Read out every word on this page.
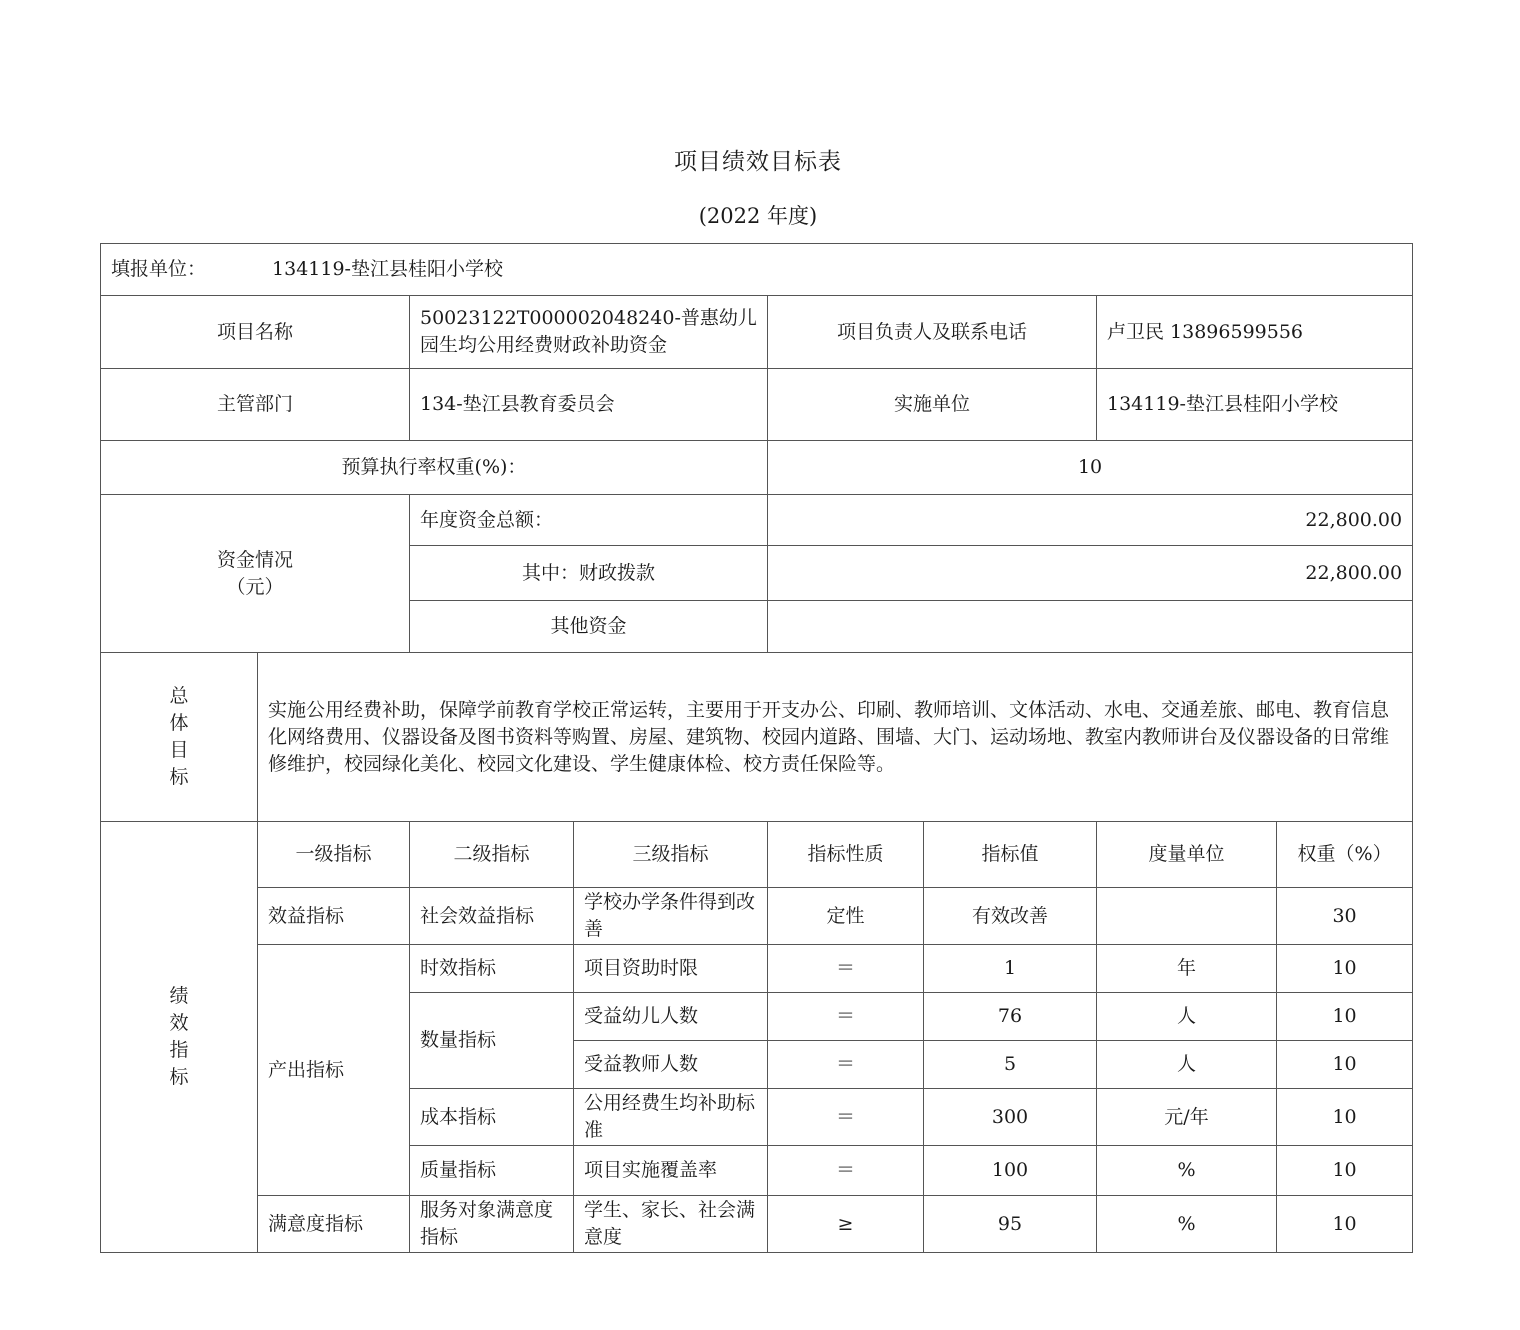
项目绩效目标表
(2022 年度)
填报单位： 134119-垫江县桂阳小学校							
项目名称		50023122T000002048240-普惠幼儿园生均公用经费财政补助资金		项目负责人及联系电话		卢卫民 13896599556	
主管部门		134-垫江县教育委员会		实施单位		134119-垫江县桂阳小学校	
预算执行率权重(%)：				10			

资金情况
（元）		年度资金总额：		22,800.00			
		其中：财政拨款		22,800.00			
		其他资金					

总
体
目
标	实施公用经费补助，保障学前教育学校正常运转，主要用于开支办公、印刷、教师培训、文体活动、水电、交通差旅、邮电、教育信息化网络费用、仪器设备及图书资料等购置、房屋、建筑物、校园内道路、围墙、大门、运动场地、教室内教师讲台及仪器设备的日常维修维护，校园绿化美化、校园文化建设、学生健康体检、校方责任保险等。						

绩
效
指
标	一级指标	二级指标	三级指标	指标性质	指标值	度量单位	权重（%）
	效益指标	社会效益指标	学校办学条件得到改善	定性	有效改善		30
	产出指标	时效指标	项目资助时限	＝	1	年	10
		数量指标	受益幼儿人数	＝	76	人	10
			受益教师人数	＝	5	人	10
		成本指标	公用经费生均补助标准	＝	300	元/年	10
		质量指标	项目实施覆盖率	＝	100	%	10
	满意度指标	服务对象满意度指标	学生、家长、社会满意度	≥	95	%	10
